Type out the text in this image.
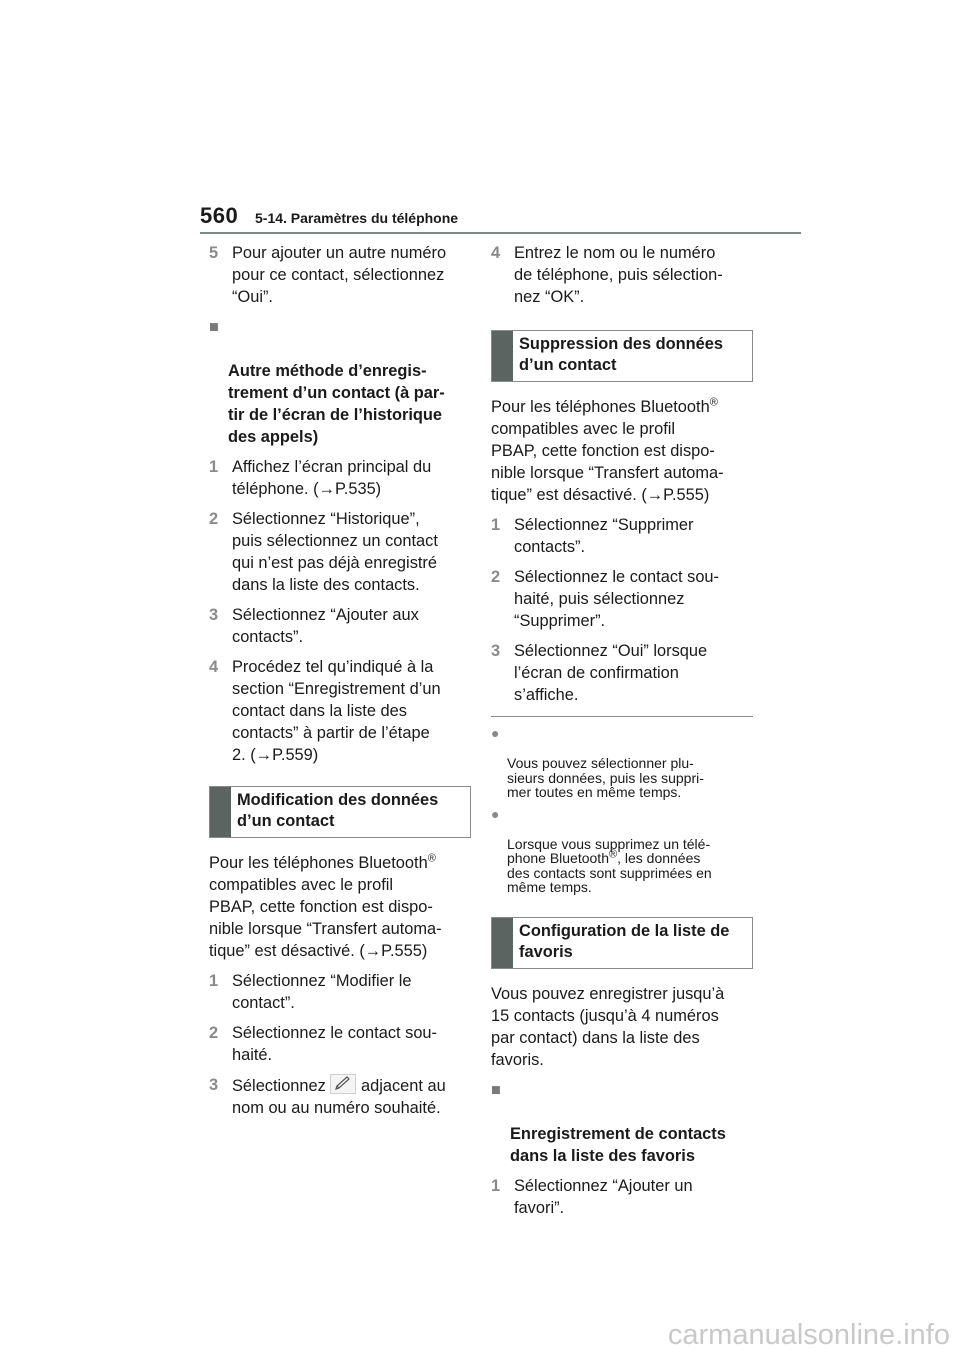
560 5-14. Paramètres du téléphone
5 Pour ajouter un autre numéro
pour ce contact, sélectionnez
“Oui”.

■

Autre méthode d’enregis-
trement d’un contact (à par-
tir de l’écran de l’historique
des appels)

1 Affichez l’écran principal du
téléphone. (→P.535)
2 Sélectionnez “Historique”,
puis sélectionnez un contact
qui n’est pas déjà enregistré
dans la liste des contacts.
3 Sélectionnez “Ajouter aux
contacts”.
4 Procédez tel qu’indiqué à la
section “Enregistrement d’un
contact dans la liste des
contacts” à partir de l’étape
2. (→P.559)
Modification des données
d’un contact
Pour les téléphones Bluetooth®
compatibles avec le profil
PBAP, cette fonction est dispo-
nible lorsque “Transfert automa-
tique” est désactivé. (→P.555)
1 Sélectionnez “Modifier le
contact”.
2 Sélectionnez le contact sou-
haité.
3 Sélectionnez adjacent au
nom ou au numéro souhaité.
4 Entrez le nom ou le numéro
de téléphone, puis sélection-
nez “OK”.
Suppression des données
d’un contact
Pour les téléphones Bluetooth®
compatibles avec le profil
PBAP, cette fonction est dispo-
nible lorsque “Transfert automa-
tique” est désactivé. (→P.555)
1 Sélectionnez “Supprimer
contacts”.
2 Sélectionnez le contact sou-
haité, puis sélectionnez
“Supprimer”.
3 Sélectionnez “Oui” lorsque
l’écran de confirmation
s’affiche.

●

Vous pouvez sélectionner plu-
sieurs données, puis les suppri-
mer toutes en même temps.

●

Lorsque vous supprimez un télé-
phone Bluetooth®, les données
des contacts sont supprimées en
même temps.

Configuration de la liste de
favoris
Vous pouvez enregistrer jusqu’à
15 contacts (jusqu’à 4 numéros
par contact) dans la liste des
favoris.

■

Enregistrement de contacts
dans la liste des favoris

1 Sélectionnez “Ajouter un
favori”.
carmanualsonline.info
